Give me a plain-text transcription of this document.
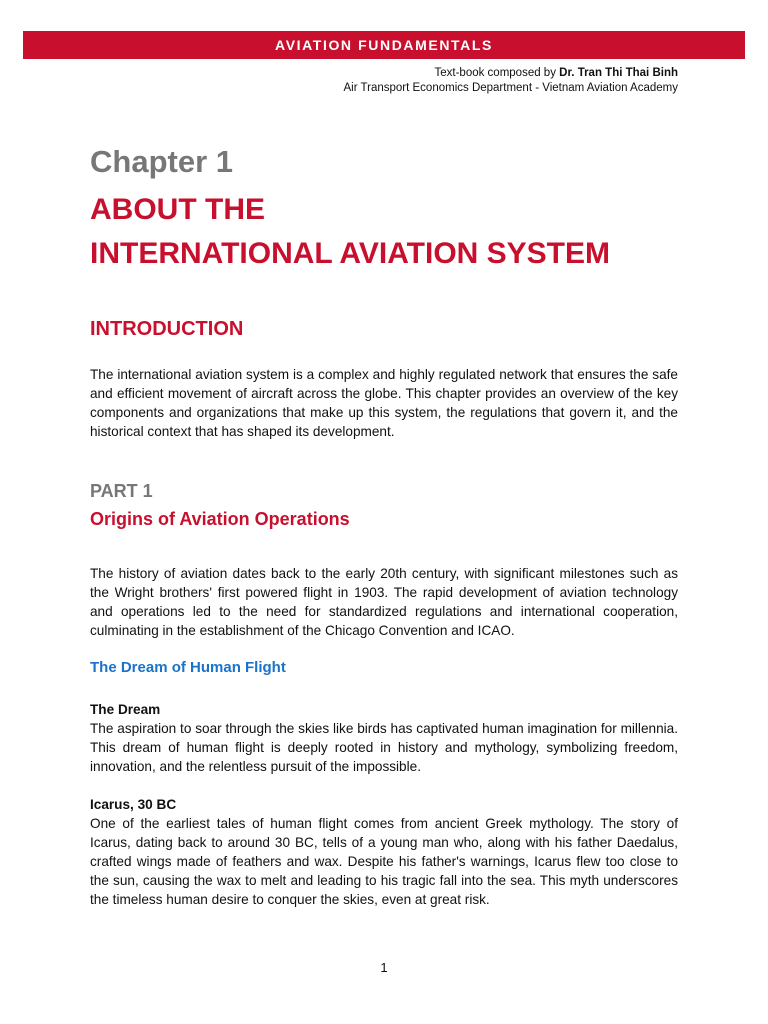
AVIATION FUNDAMENTALS
Text-book composed by Dr. Tran Thi Thai Binh
Air Transport Economics Department - Vietnam Aviation Academy
Chapter 1
ABOUT THE
INTERNATIONAL AVIATION SYSTEM
INTRODUCTION
The international aviation system is a complex and highly regulated network that ensures the safe and efficient movement of aircraft across the globe. This chapter provides an overview of the key components and organizations that make up this system, the regulations that govern it, and the historical context that has shaped its development.
PART 1
Origins of Aviation Operations
The history of aviation dates back to the early 20th century, with significant milestones such as the Wright brothers' first powered flight in 1903. The rapid development of aviation technology and operations led to the need for standardized regulations and international cooperation, culminating in the establishment of the Chicago Convention and ICAO.
The Dream of Human Flight
The Dream
The aspiration to soar through the skies like birds has captivated human imagination for millennia. This dream of human flight is deeply rooted in history and mythology, symbolizing freedom, innovation, and the relentless pursuit of the impossible.
Icarus, 30 BC
One of the earliest tales of human flight comes from ancient Greek mythology. The story of Icarus, dating back to around 30 BC, tells of a young man who, along with his father Daedalus, crafted wings made of feathers and wax. Despite his father's warnings, Icarus flew too close to the sun, causing the wax to melt and leading to his tragic fall into the sea. This myth underscores the timeless human desire to conquer the skies, even at great risk.
1
